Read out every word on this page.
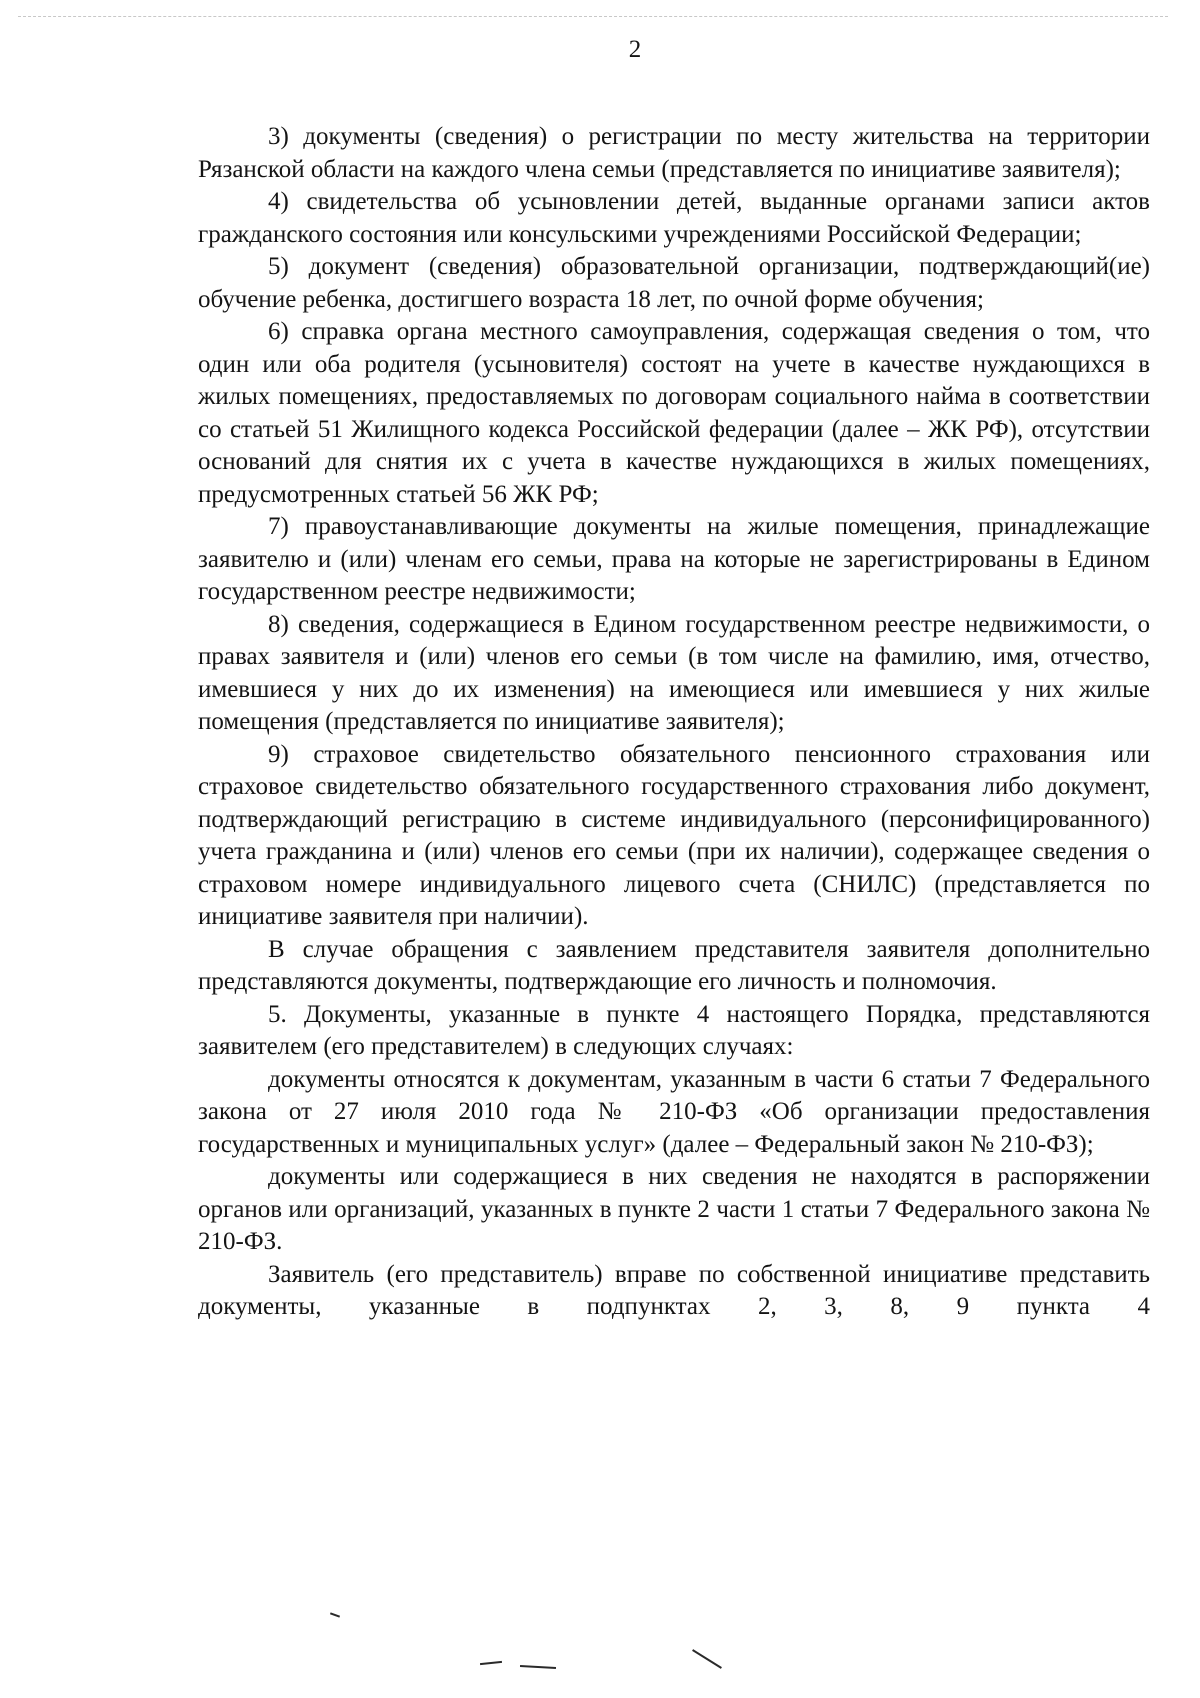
2

3) документы (сведения) о регистрации по месту жительства на территории Рязанской области на каждого члена семьи (представляется по инициативе заявителя);

4) свидетельства об усыновлении детей, выданные органами записи актов гражданского состояния или консульскими учреждениями Российской Федерации;

5) документ (сведения) образовательной организации, подтверждающий(ие) обучение ребенка, достигшего возраста 18 лет, по очной форме обучения;

6) справка органа местного самоуправления, содержащая сведения о том, что один или оба родителя (усыновителя) состоят на учете в качестве нуждающихся в жилых помещениях, предоставляемых по договорам социального найма в соответствии со статьей 51 Жилищного кодекса Российской федерации (далее – ЖК РФ), отсутствии оснований для снятия их с учета в качестве нуждающихся в жилых помещениях, предусмотренных статьей 56 ЖК РФ;

7) правоустанавливающие документы на жилые помещения, принадлежащие заявителю и (или) членам его семьи, права на которые не зарегистрированы в Едином государственном реестре недвижимости;

8) сведения, содержащиеся в Едином государственном реестре недвижимости, о правах заявителя и (или) членов его семьи (в том числе на фамилию, имя, отчество, имевшиеся у них до их изменения) на имеющиеся или имевшиеся у них жилые помещения (представляется по инициативе заявителя);

9) страховое свидетельство обязательного пенсионного страхования или страховое свидетельство обязательного государственного страхования либо документ, подтверждающий регистрацию в системе индивидуального (персонифицированного) учета гражданина и (или) членов его семьи (при их наличии), содержащее сведения о страховом номере индивидуального лицевого счета (СНИЛС) (представляется по инициативе заявителя при наличии).

В случае обращения с заявлением представителя заявителя дополнительно представляются документы, подтверждающие его личность и полномочия.

5. Документы, указанные в пункте 4 настоящего Порядка, представляются заявителем (его представителем) в следующих случаях:

документы относятся к документам, указанным в части 6 статьи 7 Федерального закона от 27 июля 2010 года № 210-ФЗ «Об организации предоставления государственных и муниципальных услуг» (далее – Федеральный закон № 210-ФЗ);

документы или содержащиеся в них сведения не находятся в распоряжении органов или организаций, указанных в пункте 2 части 1 статьи 7 Федерального закона № 210-ФЗ.

Заявитель (его представитель) вправе по собственной инициативе представить документы, указанные в подпунктах 2, 3, 8, 9 пункта 4
